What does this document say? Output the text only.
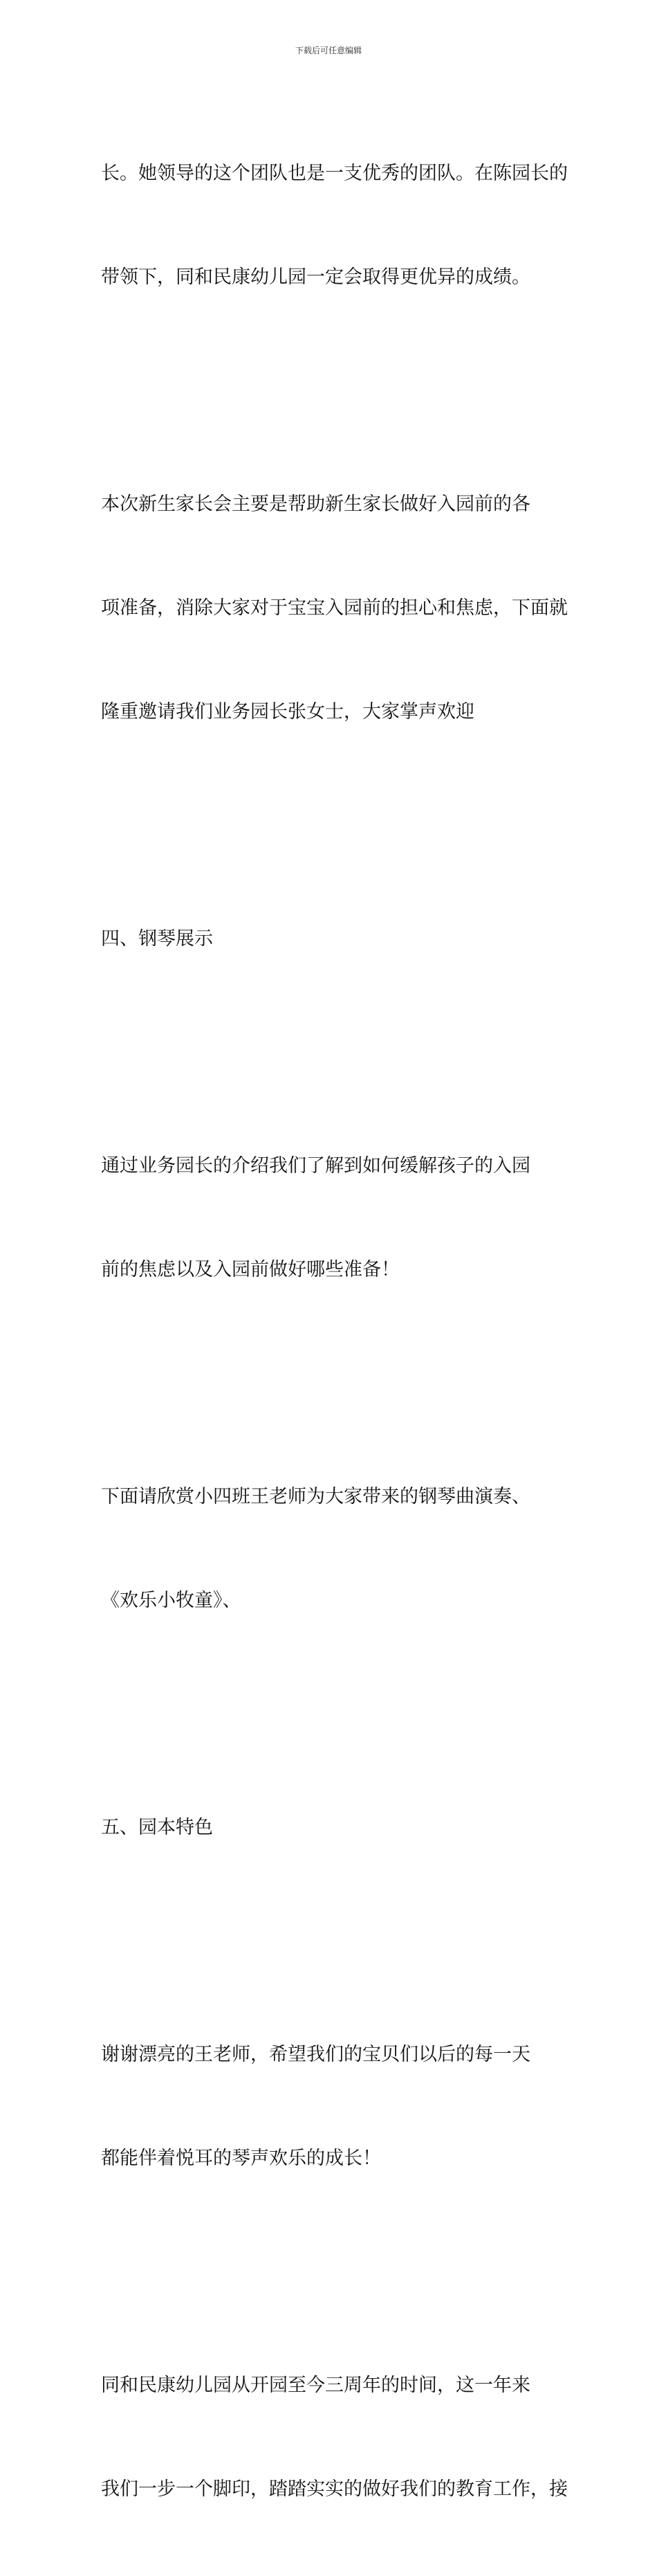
下载后可任意编辑

长。她领导的这个团队也是一支优秀的团队。在陈园长的

带领下，同和民康幼儿园一定会取得更优异的成绩。

本次新生家长会主要是帮助新生家长做好入园前的各

项准备，消除大家对于宝宝入园前的担心和焦虑，下面就

隆重邀请我们业务园长张女士，大家掌声欢迎

四、钢琴展示

通过业务园长的介绍我们了解到如何缓解孩子的入园

前的焦虑以及入园前做好哪些准备！

下面请欣赏小四班王老师为大家带来的钢琴曲演奏、

《欢乐小牧童》、

五、园本特色

谢谢漂亮的王老师，希望我们的宝贝们以后的每一天

都能伴着悦耳的琴声欢乐的成长！

同和民康幼儿园从开园至今三周年的时间，这一年来

我们一步一个脚印，踏踏实实的做好我们的教育工作，接
